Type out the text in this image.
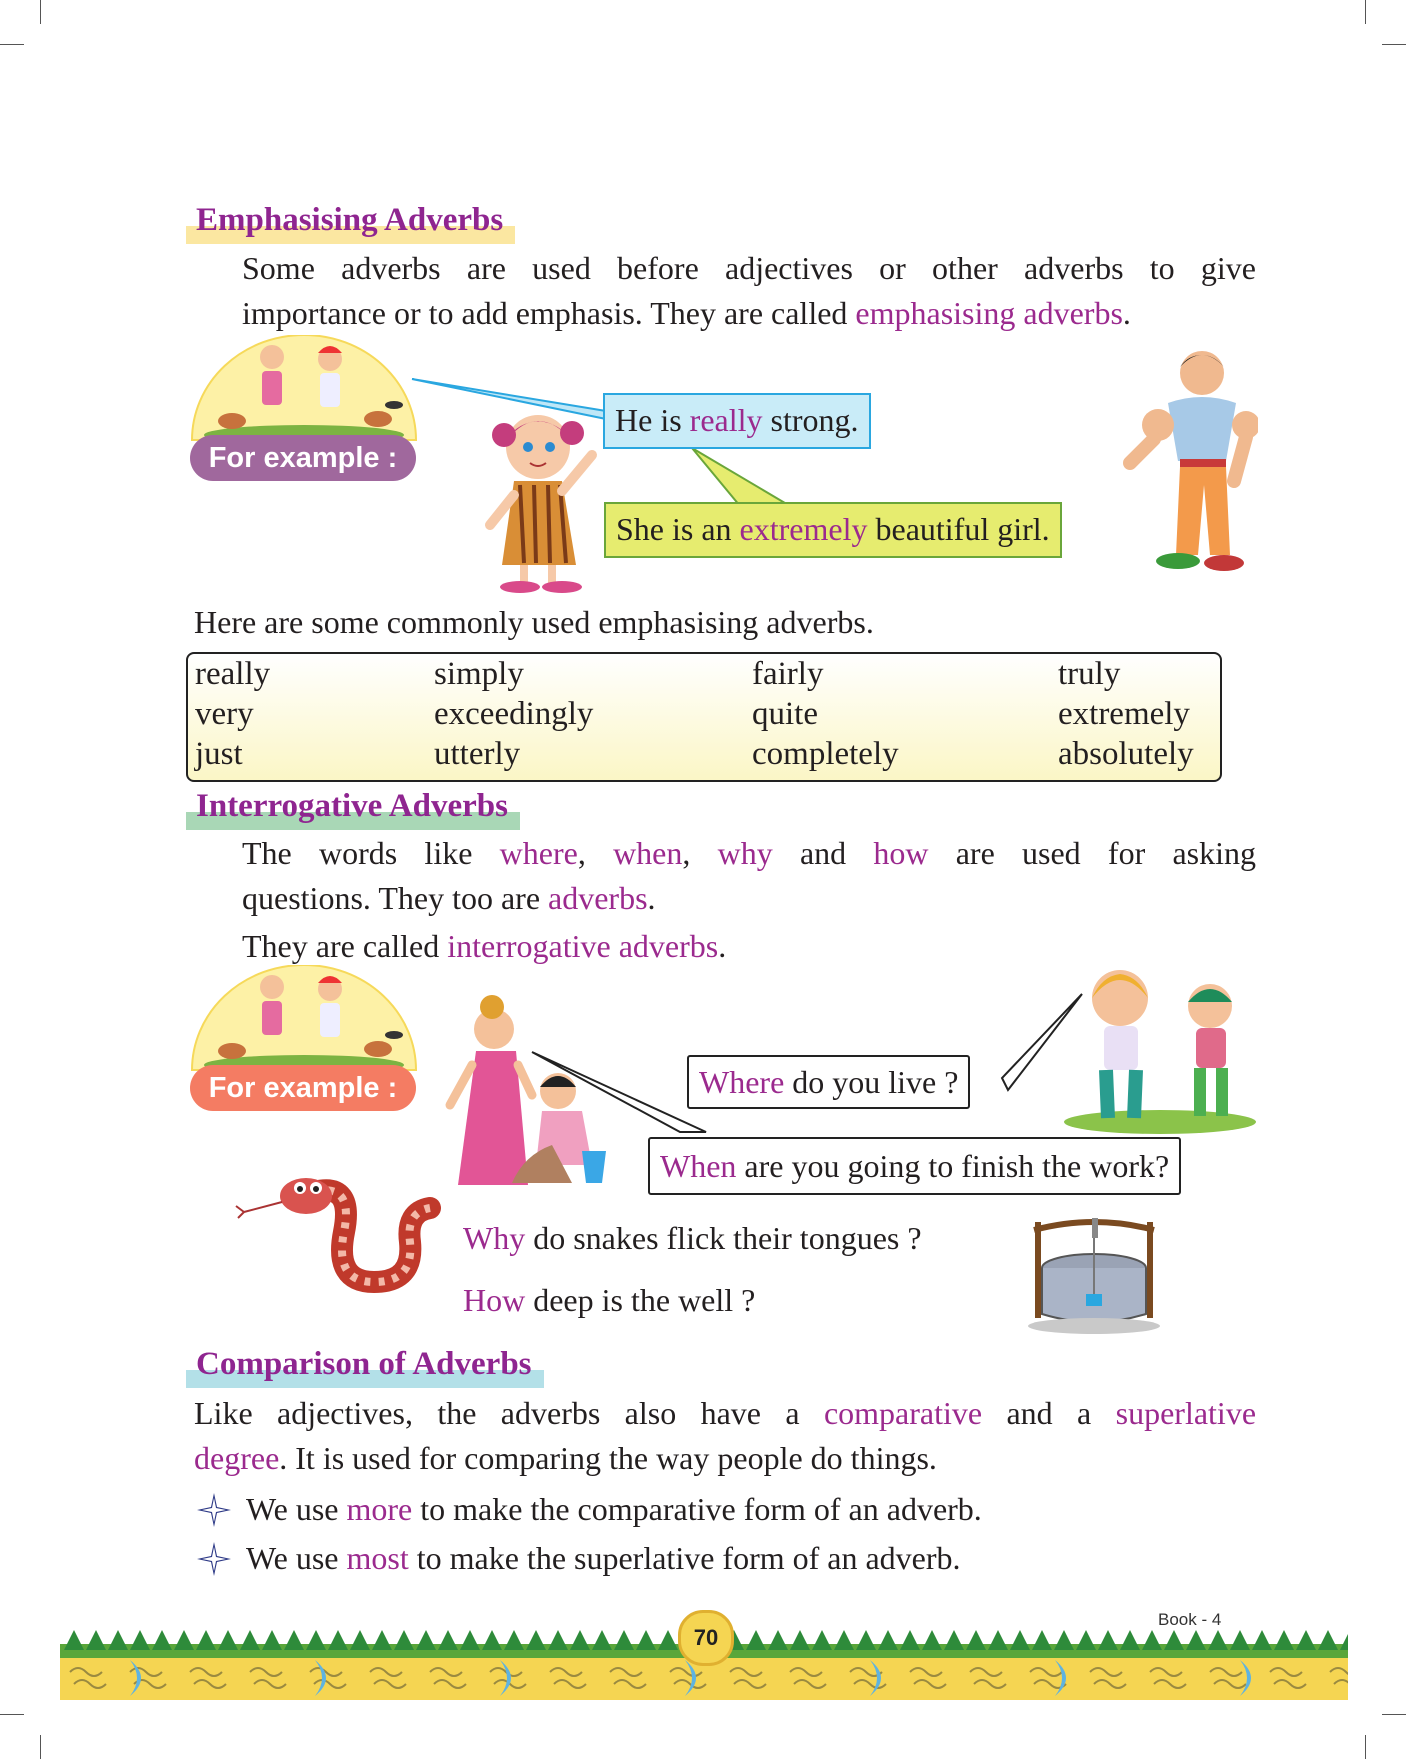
Emphasising Adverbs
Some adverbs are used before adjectives or other adverbs to give
importance or to add emphasis. They are called emphasising adverbs.
For example :
He is really strong.
She is an extremely beautiful girl.
Here are some commonly used emphasising adverbs.
really
very
just
simply
exceedingly
utterly
fairly
quite
completely
truly
extremely
absolutely
Interrogative Adverbs
The words like where, when, why and how are used for asking
questions. They too are adverbs.
They are called interrogative adverbs.
For example :	Where do you live ?
When are you going to finish the work?
Why do snakes flick their tongues ?
How deep is the well ?
Comparison of Adverbs
Like adjectives, the adverbs also have a comparative and a superlative
degree. It is used for comparing the way people do things.
We use more to make the comparative form of an adverb.
We use most to make the superlative form of an adverb.
70
Book - 4
